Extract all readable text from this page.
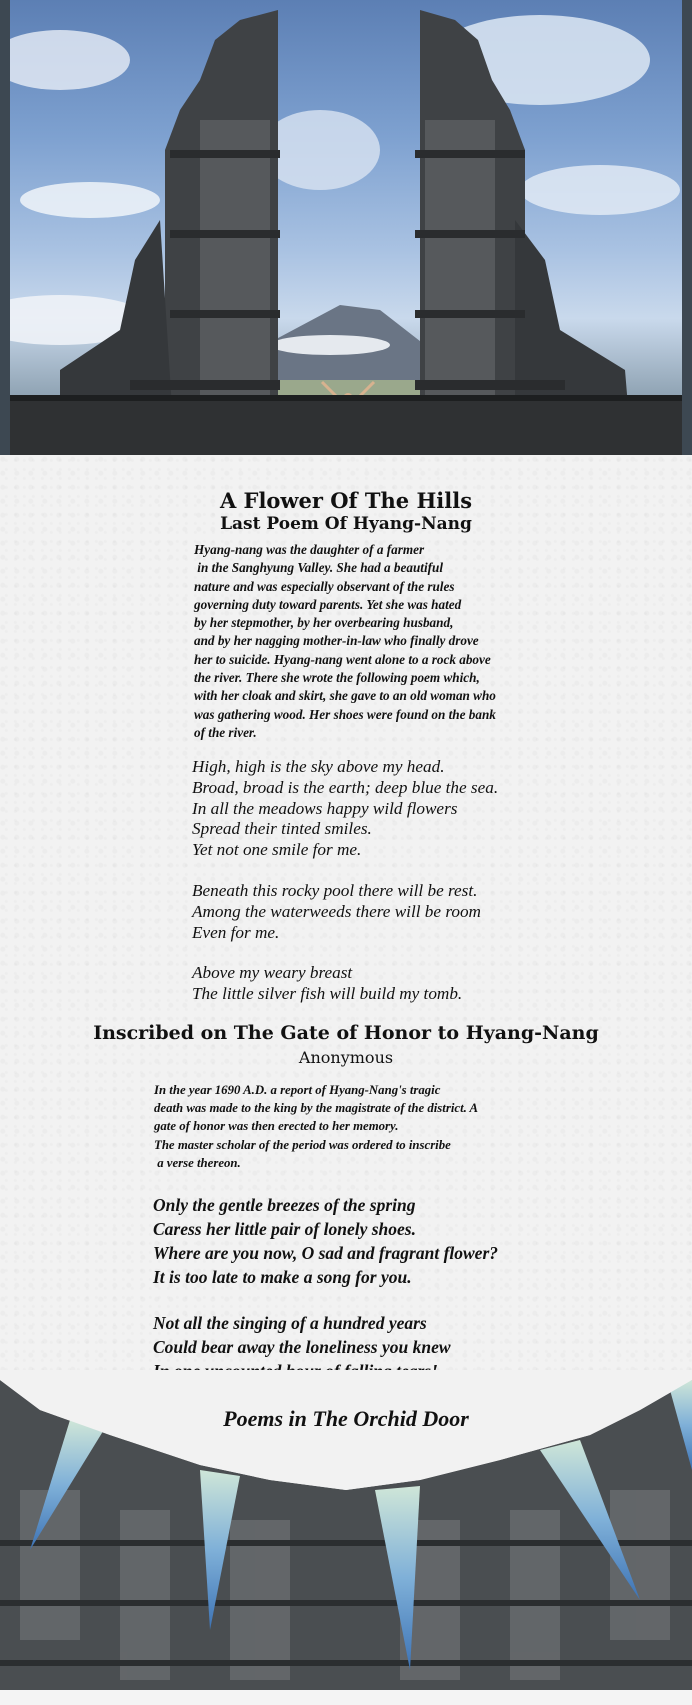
A Flower Of The Hills
Last Poem Of Hyang-Nang

Hyang-nang was the daughter of a farmer

in the Sanghyung Valley. She had a beautiful

nature and was especially observant of the rules

governing duty toward parents. Yet she was hated

by her stepmother, by her overbearing husband,

and by her nagging mother-in-law who finally drove

her to suicide. Hyang-nang went alone to a rock above

the river. There she wrote the following poem which,

with her cloak and skirt, she gave to an old woman who

was gathering wood. Her shoes were found on the bank

of the river.

High, high is the sky above my head.

Broad, broad is the earth; deep blue the sea.

In all the meadows happy wild flowers

Spread their tinted smiles.

Yet not one smile for me.

Beneath this rocky pool there will be rest.

Among the waterweeds there will be room

Even for me.

Above my weary breast

The little silver fish will build my tomb.

Inscribed on The Gate of Honor to Hyang-Nang
Anonymous

In the year 1690 A.D. a report of Hyang-Nang's tragic

death was made to the king by the magistrate of the district. A

gate of honor was then erected to her memory.

The master scholar of the period was ordered to inscribe

a verse thereon.

Only the gentle breezes of the spring

Caress her little pair of lonely shoes.

Where are you now, O sad and fragrant flower?

It is too late to make a song for you.

Not all the singing of a hundred years

Could bear away the loneliness you knew

Poems in The Orchid Door
